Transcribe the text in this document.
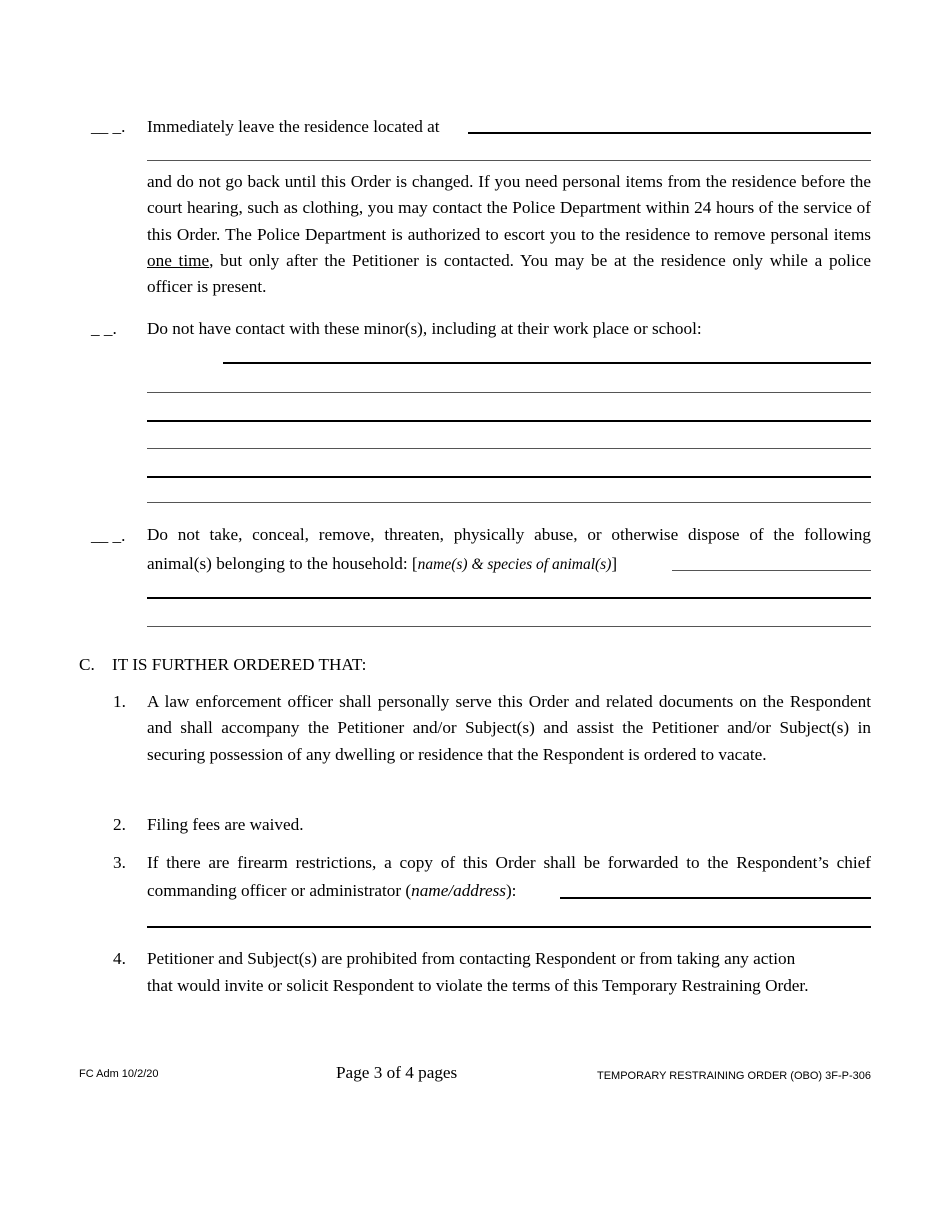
__ _. Immediately leave the residence located at

and do not go back until this Order is changed. If you need personal items from the residence before the court hearing, such as clothing, you may contact the Police Department within 24 hours of the service of this Order. The Police Department is authorized to escort you to the residence to remove personal items one time, but only after the Petitioner is contacted. You may be at the residence only while a police officer is present.

_ _. Do not have contact with these minor(s), including at their work place or school:
__ _. Do not take, conceal, remove, threaten, physically abuse, or otherwise dispose of the following

animal(s) belonging to the household: [name(s) & species of animal(s)]
C. IT IS FURTHER ORDERED THAT:
1. A law enforcement officer shall personally serve this Order and related documents on the Respondent and shall accompany the Petitioner and/or Subject(s) and assist the Petitioner and/or Subject(s) in securing possession of any dwelling or residence that the Respondent is ordered to vacate.

2. Filing fees are waived.
3. If there are firearm restrictions, a copy of this Order shall be forwarded to the Respondent’s chief

commanding officer or administrator (name/address):
4. Petitioner and Subject(s) are prohibited from contacting Respondent or from taking any action
that would invite or solicit Respondent to violate the terms of this Temporary Restraining Order.
FC Adm 10/2/20	Page 3 of 4 pages	TEMPORARY RESTRAINING ORDER (OBO) 3F-P-306
